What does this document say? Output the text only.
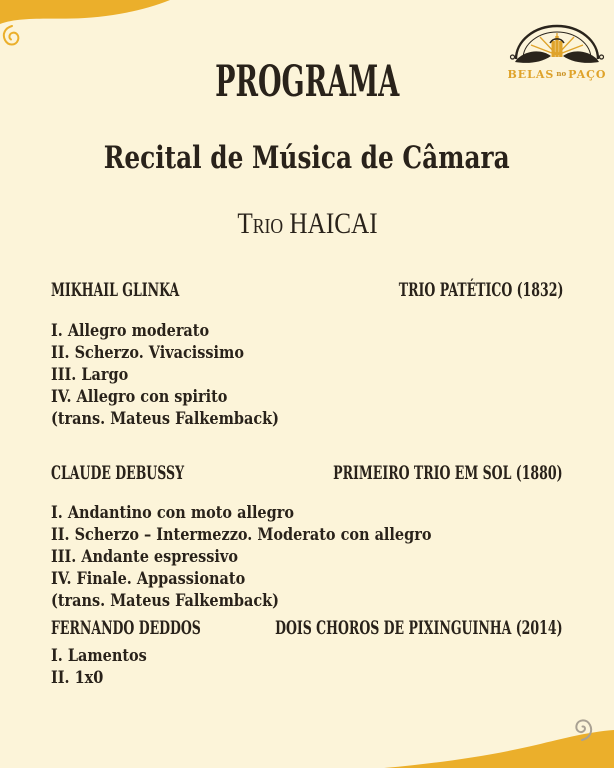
BELAS no PAÇO
PROGRAMA
Recital de Música de Câmara
Trio HAICAI
MIKHAIL GLINKA	TRIO PATÉTICO (1832)
I. Allegro moderato
II. Scherzo. Vivacissimo
III. Largo
IV. Allegro con spirito
(trans. Mateus Falkemback)
CLAUDE DEBUSSY	PRIMEIRO TRIO EM SOL (1880)
I. Andantino con moto allegro
II. Scherzo – Intermezzo. Moderato con allegro
III. Andante espressivo
IV. Finale. Appassionato
(trans. Mateus Falkemback)
FERNANDO DEDDOS	DOIS CHOROS DE PIXINGUINHA (2014)
I. Lamentos
II. 1x0
